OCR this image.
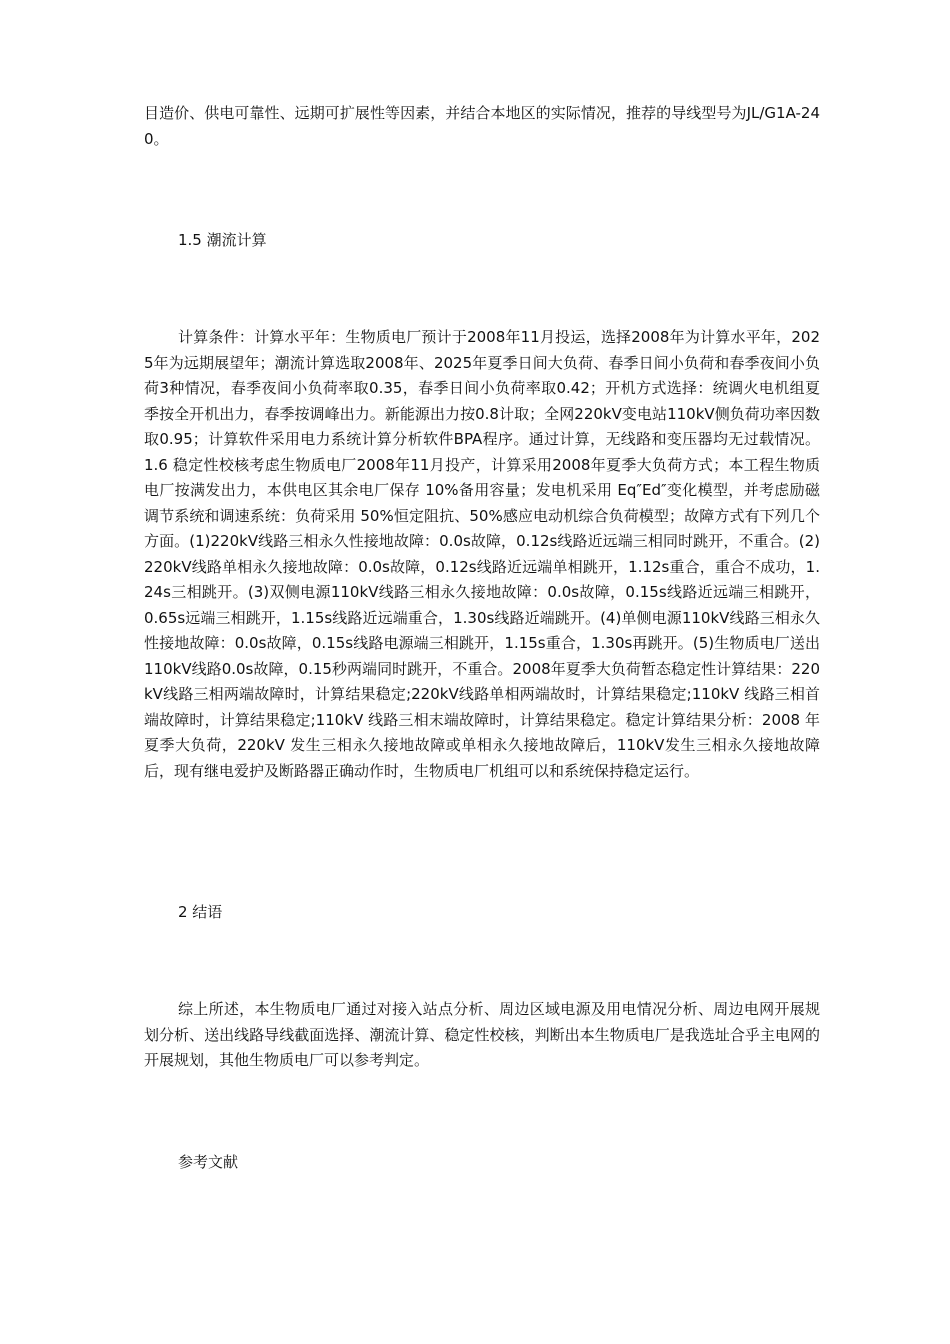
目造价、供电可靠性、远期可扩展性等因素，并结合本地区的实际情况，推荐的导线型号为JL/G1A-240。

1.5 潮流计算

计算条件：计算水平年：生物质电厂预计于2008年11月投运，选择2008年为计算水平年，2025年为远期展望年；潮流计算选取2008年、2025年夏季日间大负荷、春季日间小负荷和春季夜间小负荷3种情况，春季夜间小负荷率取0.35，春季日间小负荷率取0.42；开机方式选择：统调火电机组夏季按全开机出力，春季按调峰出力。新能源出力按0.8计取；全网220kV变电站110kV侧负荷功率因数取0.95；计算软件采用电力系统计算分析软件BPA程序。通过计算，无线路和变压器均无过载情况。1.6 稳定性校核考虑生物质电厂2008年11月投产，计算采用2008年夏季大负荷方式；本工程生物质电厂按满发出力，本供电区其余电厂保存 10%备用容量；发电机采用 Eq″Ed″变化模型，并考虑励磁调节系统和调速系统：负荷采用 50%恒定阻抗、50%感应电动机综合负荷模型；故障方式有下列几个方面。(1)220kV线路三相永久性接地故障：0.0s故障，0.12s线路近远端三相同时跳开，不重合。(2)220kV线路单相永久接地故障：0.0s故障，0.12s线路近远端单相跳开，1.12s重合，重合不成功，1.24s三相跳开。(3)双侧电源110kV线路三相永久接地故障：0.0s故障，0.15s线路近远端三相跳开，0.65s远端三相跳开，1.15s线路近远端重合，1.30s线路近端跳开。(4)单侧电源110kV线路三相永久性接地故障：0.0s故障，0.15s线路电源端三相跳开，1.15s重合，1.30s再跳开。(5)生物质电厂送出110kV线路0.0s故障，0.15秒两端同时跳开，不重合。2008年夏季大负荷暂态稳定性计算结果：220kV线路三相两端故障时，计算结果稳定;220kV线路单相两端故时，计算结果稳定;110kV 线路三相首端故障时，计算结果稳定;110kV 线路三相末端故障时，计算结果稳定。稳定计算结果分析：2008 年夏季大负荷，220kV 发生三相永久接地故障或单相永久接地故障后，110kV发生三相永久接地故障后，现有继电爱护及断路器正确动作时，生物质电厂机组可以和系统保持稳定运行。

2 结语

综上所述，本生物质电厂通过对接入站点分析、周边区域电源及用电情况分析、周边电网开展规划分析、送出线路导线截面选择、潮流计算、稳定性校核，判断出本生物质电厂是我选址合乎主电网的开展规划，其他生物质电厂可以参考判定。

参考文献
